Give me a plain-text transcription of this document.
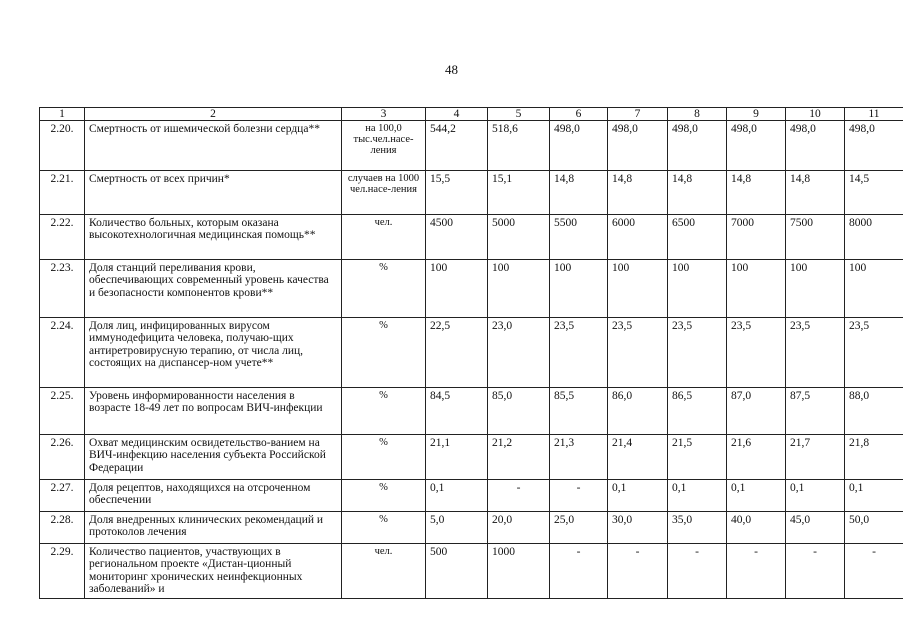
48
1	2	3	4	5	6	7	8	9	10	11
2.20.	Смертность от ишемической болезни сердца**	на 100,0 тыс.чел.насе-ления	544,2	518,6	498,0	498,0	498,0	498,0	498,0	498,0
2.21.	Смертность от всех причин*	случаев на 1000 чел.насе-ления	15,5	15,1	14,8	14,8	14,8	14,8	14,8	14,5
2.22.	Количество больных, которым оказана высокотехнологичная медицинская помощь**	чел.	4500	5000	5500	6000	6500	7000	7500	8000
2.23.	Доля станций переливания крови, обеспечивающих современный уровень качества и безопасности компонентов крови**	%	100	100	100	100	100	100	100	100
2.24.	Доля лиц, инфицированных вирусом иммунодефицита человека, получаю-щих антиретровирусную терапию, от числа лиц, состоящих на диспансер-ном учете**	%	22,5	23,0	23,5	23,5	23,5	23,5	23,5	23,5
2.25.	Уровень информированности населения в возрасте 18-49 лет по вопросам ВИЧ-инфекции	%	84,5	85,0	85,5	86,0	86,5	87,0	87,5	88,0
2.26.	Охват медицинским освидетельство-ванием на ВИЧ-инфекцию населения субъекта Российской Федерации	%	21,1	21,2	21,3	21,4	21,5	21,6	21,7	21,8
2.27.	Доля рецептов, находящихся на отсроченном обеспечении	%	0,1	-	-	0,1	0,1	0,1	0,1	0,1
2.28.	Доля внедренных клинических рекомендаций и протоколов лечения	%	5,0	20,0	25,0	30,0	35,0	40,0	45,0	50,0
2.29.	Количество пациентов, участвующих в региональном проекте «Дистан-ционный мониторинг хронических неинфекционных заболеваний» и	чел.	500	1000	-	-	-	-	-	-
